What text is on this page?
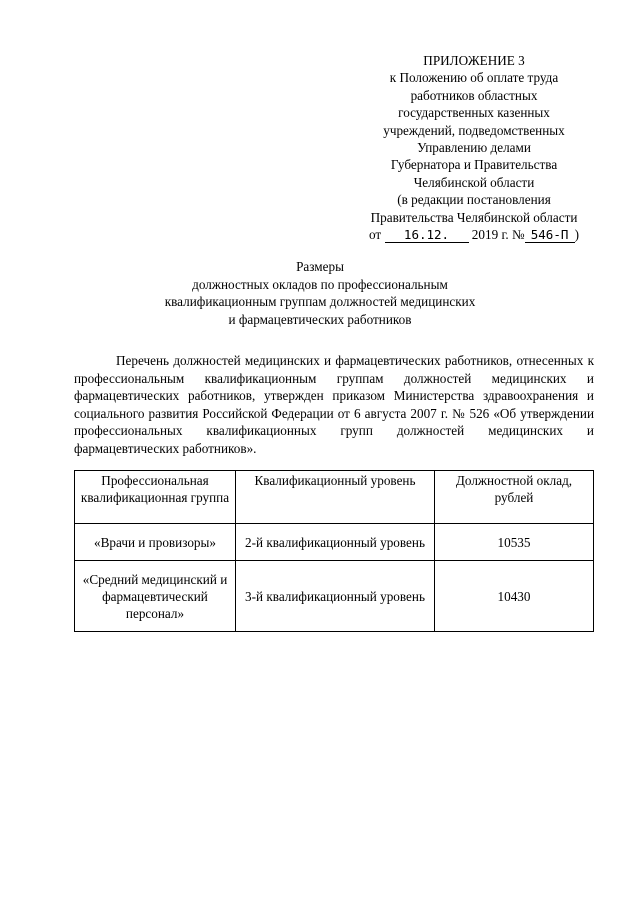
ПРИЛОЖЕНИЕ 3
к Положению об оплате труда
работников областных
государственных казенных
учреждений, подведомственных
Управлению делами
Губернатора и Правительства
Челябинской области
(в редакции постановления
Правительства Челябинской области
от 16.12. 2019 г. № 546-П )
Размеры
должностных окладов по профессиональным
квалификационным группам должностей медицинских
и фармацевтических работников

Перечень должностей медицинских и фармацевтических работников, отнесенных к профессиональным квалификационным группам должностей медицинских и фармацевтических работников, утвержден приказом Министерства здравоохранения и социального развития Российской Федерации от 6 августа 2007 г. № 526 «Об утверждении профессиональных квалификационных групп должностей медицинских и фармацевтических работников».

Профессиональная квалификационная группа	Квалификационный уровень	Должностной оклад, рублей
«Врачи и провизоры»	2-й квалификационный уровень	10535
«Средний медицинский и фармацевтический персонал»	3-й квалификационный уровень	10430
